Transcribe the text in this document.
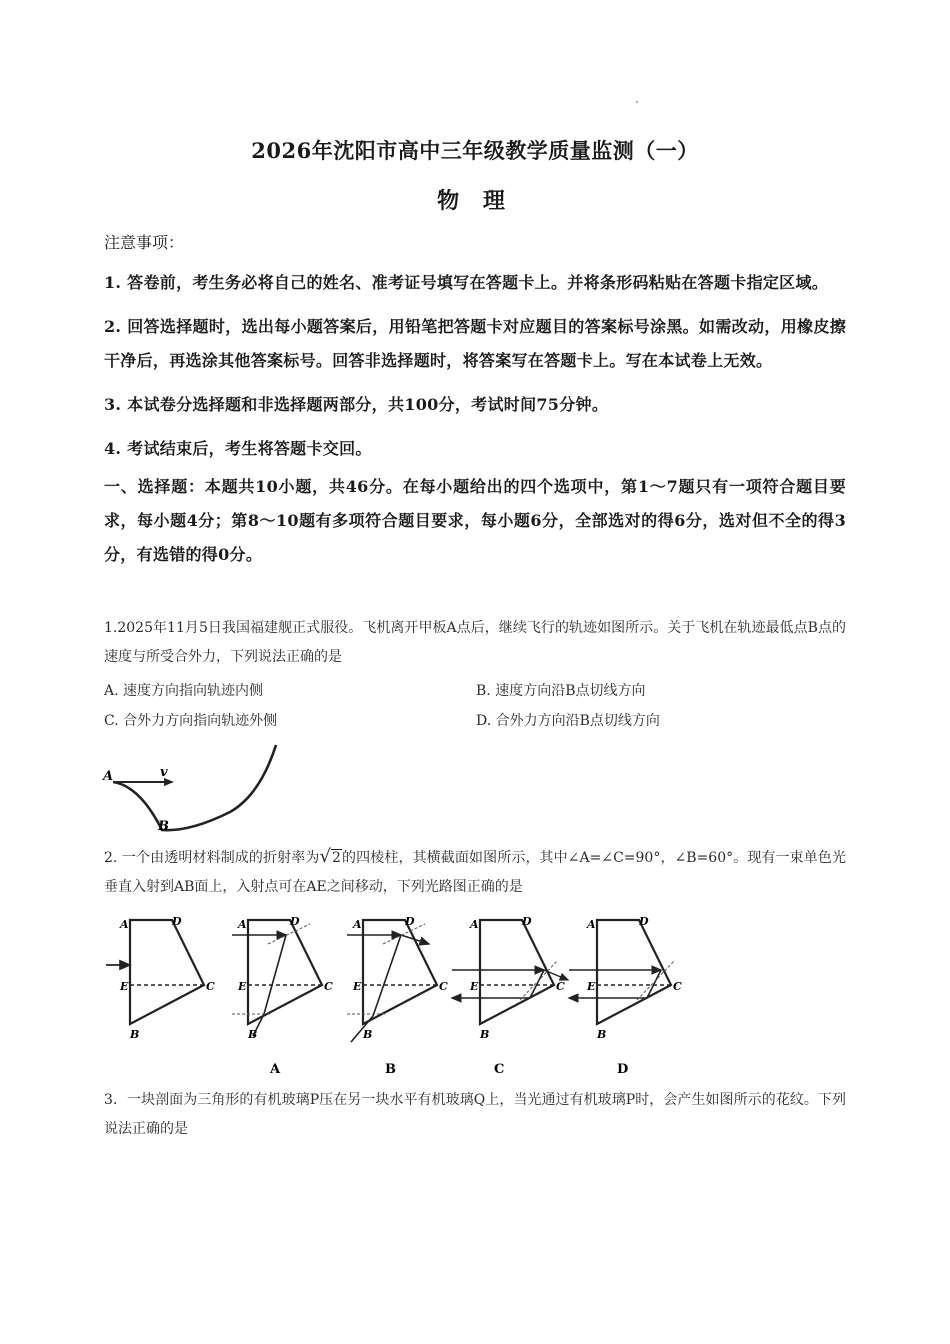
2026年沈阳市高中三年级教学质量监测（一）
物 理
注意事项：

1. 答卷前，考生务必将自己的姓名、准考证号填写在答题卡上。并将条形码粘贴在答题卡指定区域。

2. 回答选择题时，选出每小题答案后，用铅笔把答题卡对应题目的答案标号涂黑。如需改动，用橡皮擦干净后，再选涂其他答案标号。回答非选择题时，将答案写在答题卡上。写在本试卷上无效。

3. 本试卷分选择题和非选择题两部分，共100分，考试时间75分钟。

4. 考试结束后，考生将答题卡交回。

一、选择题：本题共10小题，共46分。在每小题给出的四个选项中，第1～7题只有一项符合题目要求，每小题4分；第8～10题有多项符合题目要求，每小题6分，全部选对的得6分，选对但不全的得3分，有选错的得0分。

1.2025年11月5日我国福建舰正式服役。飞机离开甲板A点后，继续飞行的轨迹如图所示。关于飞机在轨迹最低点B点的速度与所受合外力，下列说法正确的是
A. 速度方向指向轨迹内侧	B. 速度方向沿B点切线方向
C. 合外力方向指向轨迹外侧	D. 合外力方向沿B点切线方向
A	v
B
2. 一个由透明材料制成的折射率为√2的四棱柱，其横截面如图所示，其中∠A=∠C=90°，∠B=60°。现有一束单色光垂直入射到AB面上，入射点可在AE之间移动，下列光路图正确的是
A	D
C
E
B
A	D
C
E
B
A
A	D
C
E
B
B
A	D
C
E
B
C
A	D
C
E
B
D
3．一块剖面为三角形的有机玻璃P压在另一块水平有机玻璃Q上，当光通过有机玻璃P时，会产生如图所示的花纹。下列说法正确的是
